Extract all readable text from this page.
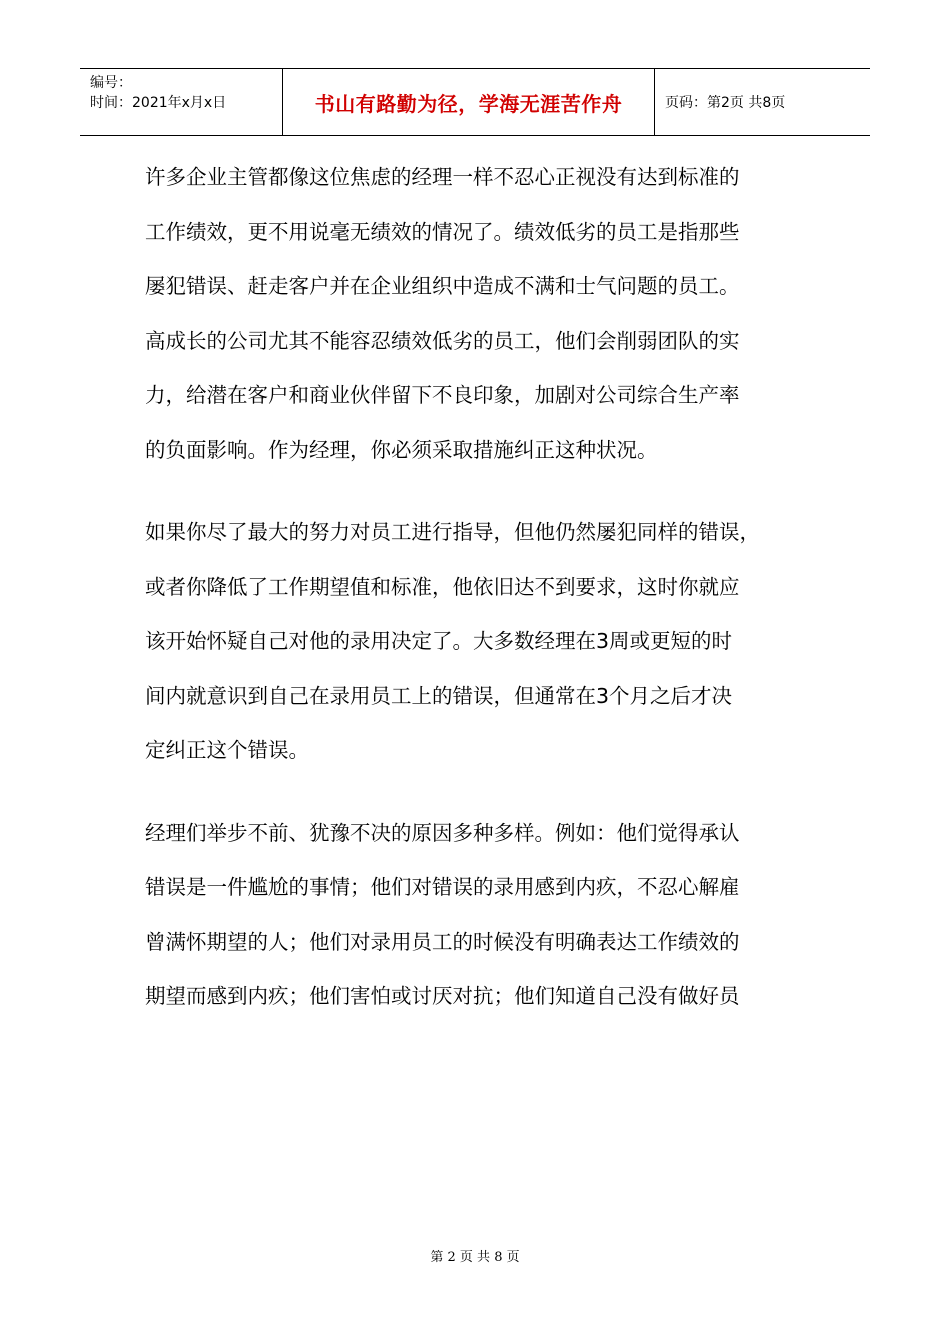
编号：
时间：2021年x月x日	书山有路勤为径，学海无涯苦作舟	页码：第2页 共8页

许多企业主管都像这位焦虑的经理一样不忍心正视没有达到标准的
工作绩效，更不用说毫无绩效的情况了。绩效低劣的员工是指那些
屡犯错误、赶走客户并在企业组织中造成不满和士气问题的员工。
高成长的公司尤其不能容忍绩效低劣的员工，他们会削弱团队的实
力，给潜在客户和商业伙伴留下不良印象，加剧对公司综合生产率
的负面影响。作为经理，你必须采取措施纠正这种状况。

如果你尽了最大的努力对员工进行指导，但他仍然屡犯同样的错误，
或者你降低了工作期望值和标准，他依旧达不到要求，这时你就应
该开始怀疑自己对他的录用决定了。大多数经理在3周或更短的时
间内就意识到自己在录用员工上的错误，但通常在3个月之后才决
定纠正这个错误。

经理们举步不前、犹豫不决的原因多种多样。例如：他们觉得承认
错误是一件尴尬的事情；他们对错误的录用感到内疚，不忍心解雇
曾满怀期望的人；他们对录用员工的时候没有明确表达工作绩效的
期望而感到内疚；他们害怕或讨厌对抗；他们知道自己没有做好员

第 2 页 共 8 页
